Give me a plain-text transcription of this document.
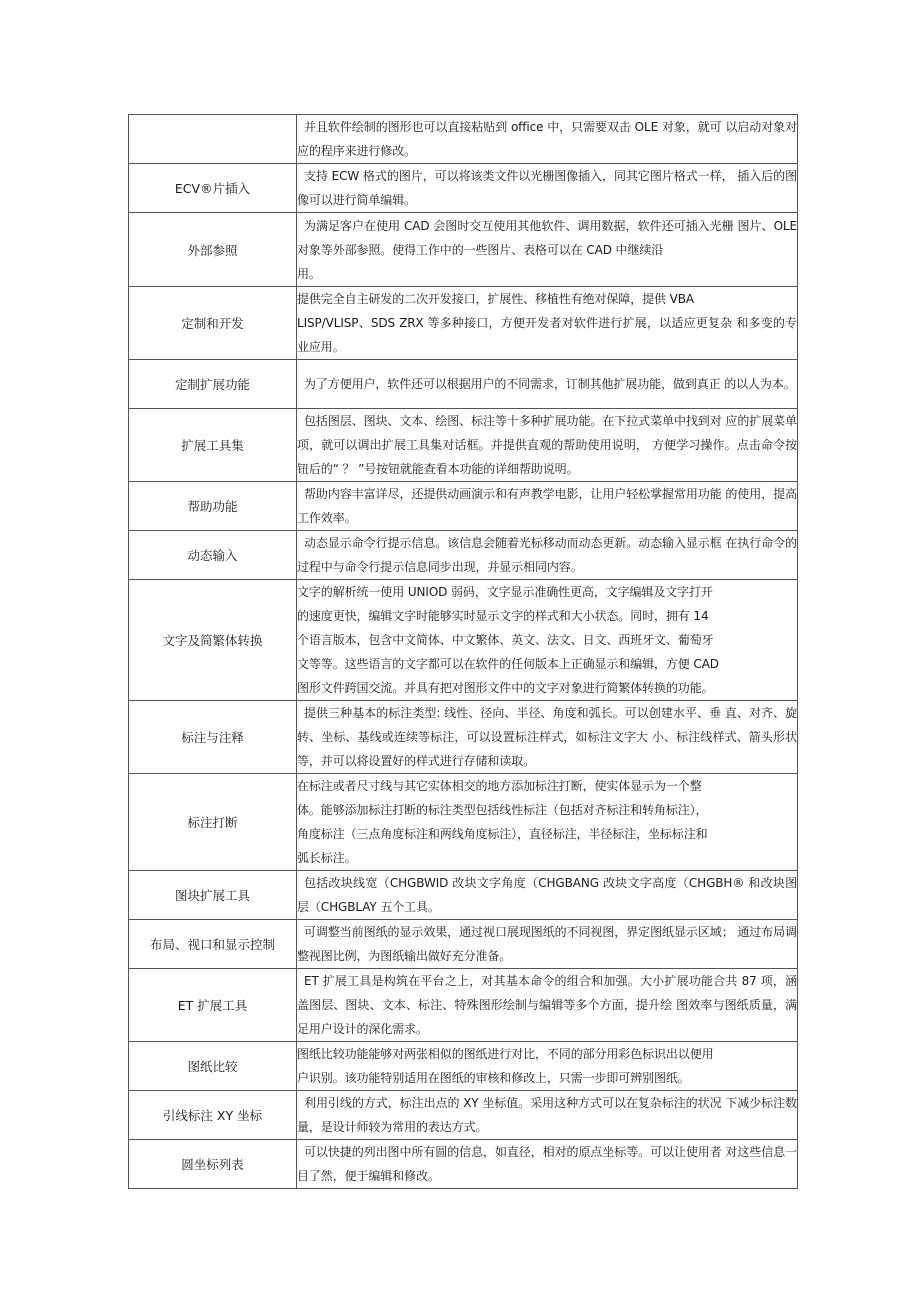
	并且软件绘制的图形也可以直接粘贴到 office 中，只需要双击 OLE 对象，就可 以启动对象对应的程序来进行修改。

ECV®片插入	支持 ECW 格式的图片，可以将该类文件以光栅图像插入，同其它图片格式一样， 插入后的图像可以进行简单编辑。

外部参照	为满足客户在使用 CAD 会图时交互使用其他软件、调用数据，软件还可插入光栅 图片、OLE 对象等外部参照。使得工作中的一些图片、表格可以在 CAD 中继续沿
用。

定制和开发	提供完全自主研发的二次开发接口，扩展性、移植性有绝对保障，提供 VBA
LISP/VLISP、SDS ZRX 等多种接口，方便开发者对软件进行扩展，以适应更复杂 和多变的专业应用。

定制扩展功能	为了方便用户，软件还可以根据用户的不同需求，订制其他扩展功能，做到真正 的以人为本。

扩展工具集	包括图层、图块、文本、绘图、标注等十多种扩展功能。在下拉式菜单中找到对 应的扩展菜单项，就可以调出扩展工具集对话框。并提供直观的帮助使用说明， 方便学习操作。点击命令按钮后的“ ？ ”号按钮就能查看本功能的详细帮助说明。

帮助功能	帮助内容丰富详尽，还提供动画演示和有声教学电影，让用户轻松掌握常用功能 的使用，提高工作效率。

动态输入	动态显示命令行提示信息。该信息会随着光标移动而动态更新。动态输入显示框 在执行命令的过程中与命令行提示信息同步出现，并显示相同内容。

文字及简繁体转换	文字的解析统一使用 UNIOD 弱码，文字显示准确性更高，文字编辑及文字打开
的速度更快，编辑文字时能够实时显示文字的样式和大小状态。同时，拥有 14
个语言版本，包含中文简体、中文繁体、英文、法文、日文、西班牙文、葡萄牙
文等等。这些语言的文字都可以在软件的任何版本上正确显示和编辑，方便 CAD
图形文件跨国交流。并具有把对图形文件中的文字对象进行简繁体转换的功能。

标注与注释	提供三种基本的标注类型: 线性、径向、半径、角度和弧长。可以创建水平、垂 直、对齐、旋转、坐标、基线或连续等标注，可以设置标注样式，如标注文字大 小、标注线样式、箭头形状等，并可以将设置好的样式进行存储和读取。

标注打断	在标注或者尺寸线与其它实体相交的地方添加标注打断，使实体显示为一个整
体。能够添加标注打断的标注类型包括线性标注（包括对齐标注和转角标注），
角度标注（三点角度标注和两线角度标注），直径标注，半径标注，坐标标注和
弧长标注。

图块扩展工具	包括改块线宽（CHGBWID 改块文字角度（CHGBANG 改块文字高度（CHGBH® 和改块图层（CHGBLAY 五个工具。

布局、视口和显示控制	可调整当前图纸的显示效果，通过视口展现图纸的不同视图，界定图纸显示区域； 通过布局调整视图比例，为图纸输出做好充分准备。

ET 扩展工具	ET 扩展工具是构筑在平台之上，对其基本命令的组合和加强。大小扩展功能合共 87 项，涵盖图层、图块、文本、标注、特殊图形绘制与编辑等多个方面，提升绘 图效率与图纸质量，满足用户设计的深化需求。

图纸比较	图纸比较功能能够对两张相似的图纸进行对比，不同的部分用彩色标识出以便用
户识别。该功能特别适用在图纸的审核和修改上，只需一步即可辨别图纸。

引线标注 XY 坐标	利用引线的方式，标注出点的 XY 坐标值。采用这种方式可以在复杂标注的状况 下减少标注数量，是设计师较为常用的表达方式。

圆坐标列表	可以快捷的列出图中所有圆的信息，如直径，相对的原点坐标等。可以让使用者 对这些信息一目了然，便于编辑和修改。
